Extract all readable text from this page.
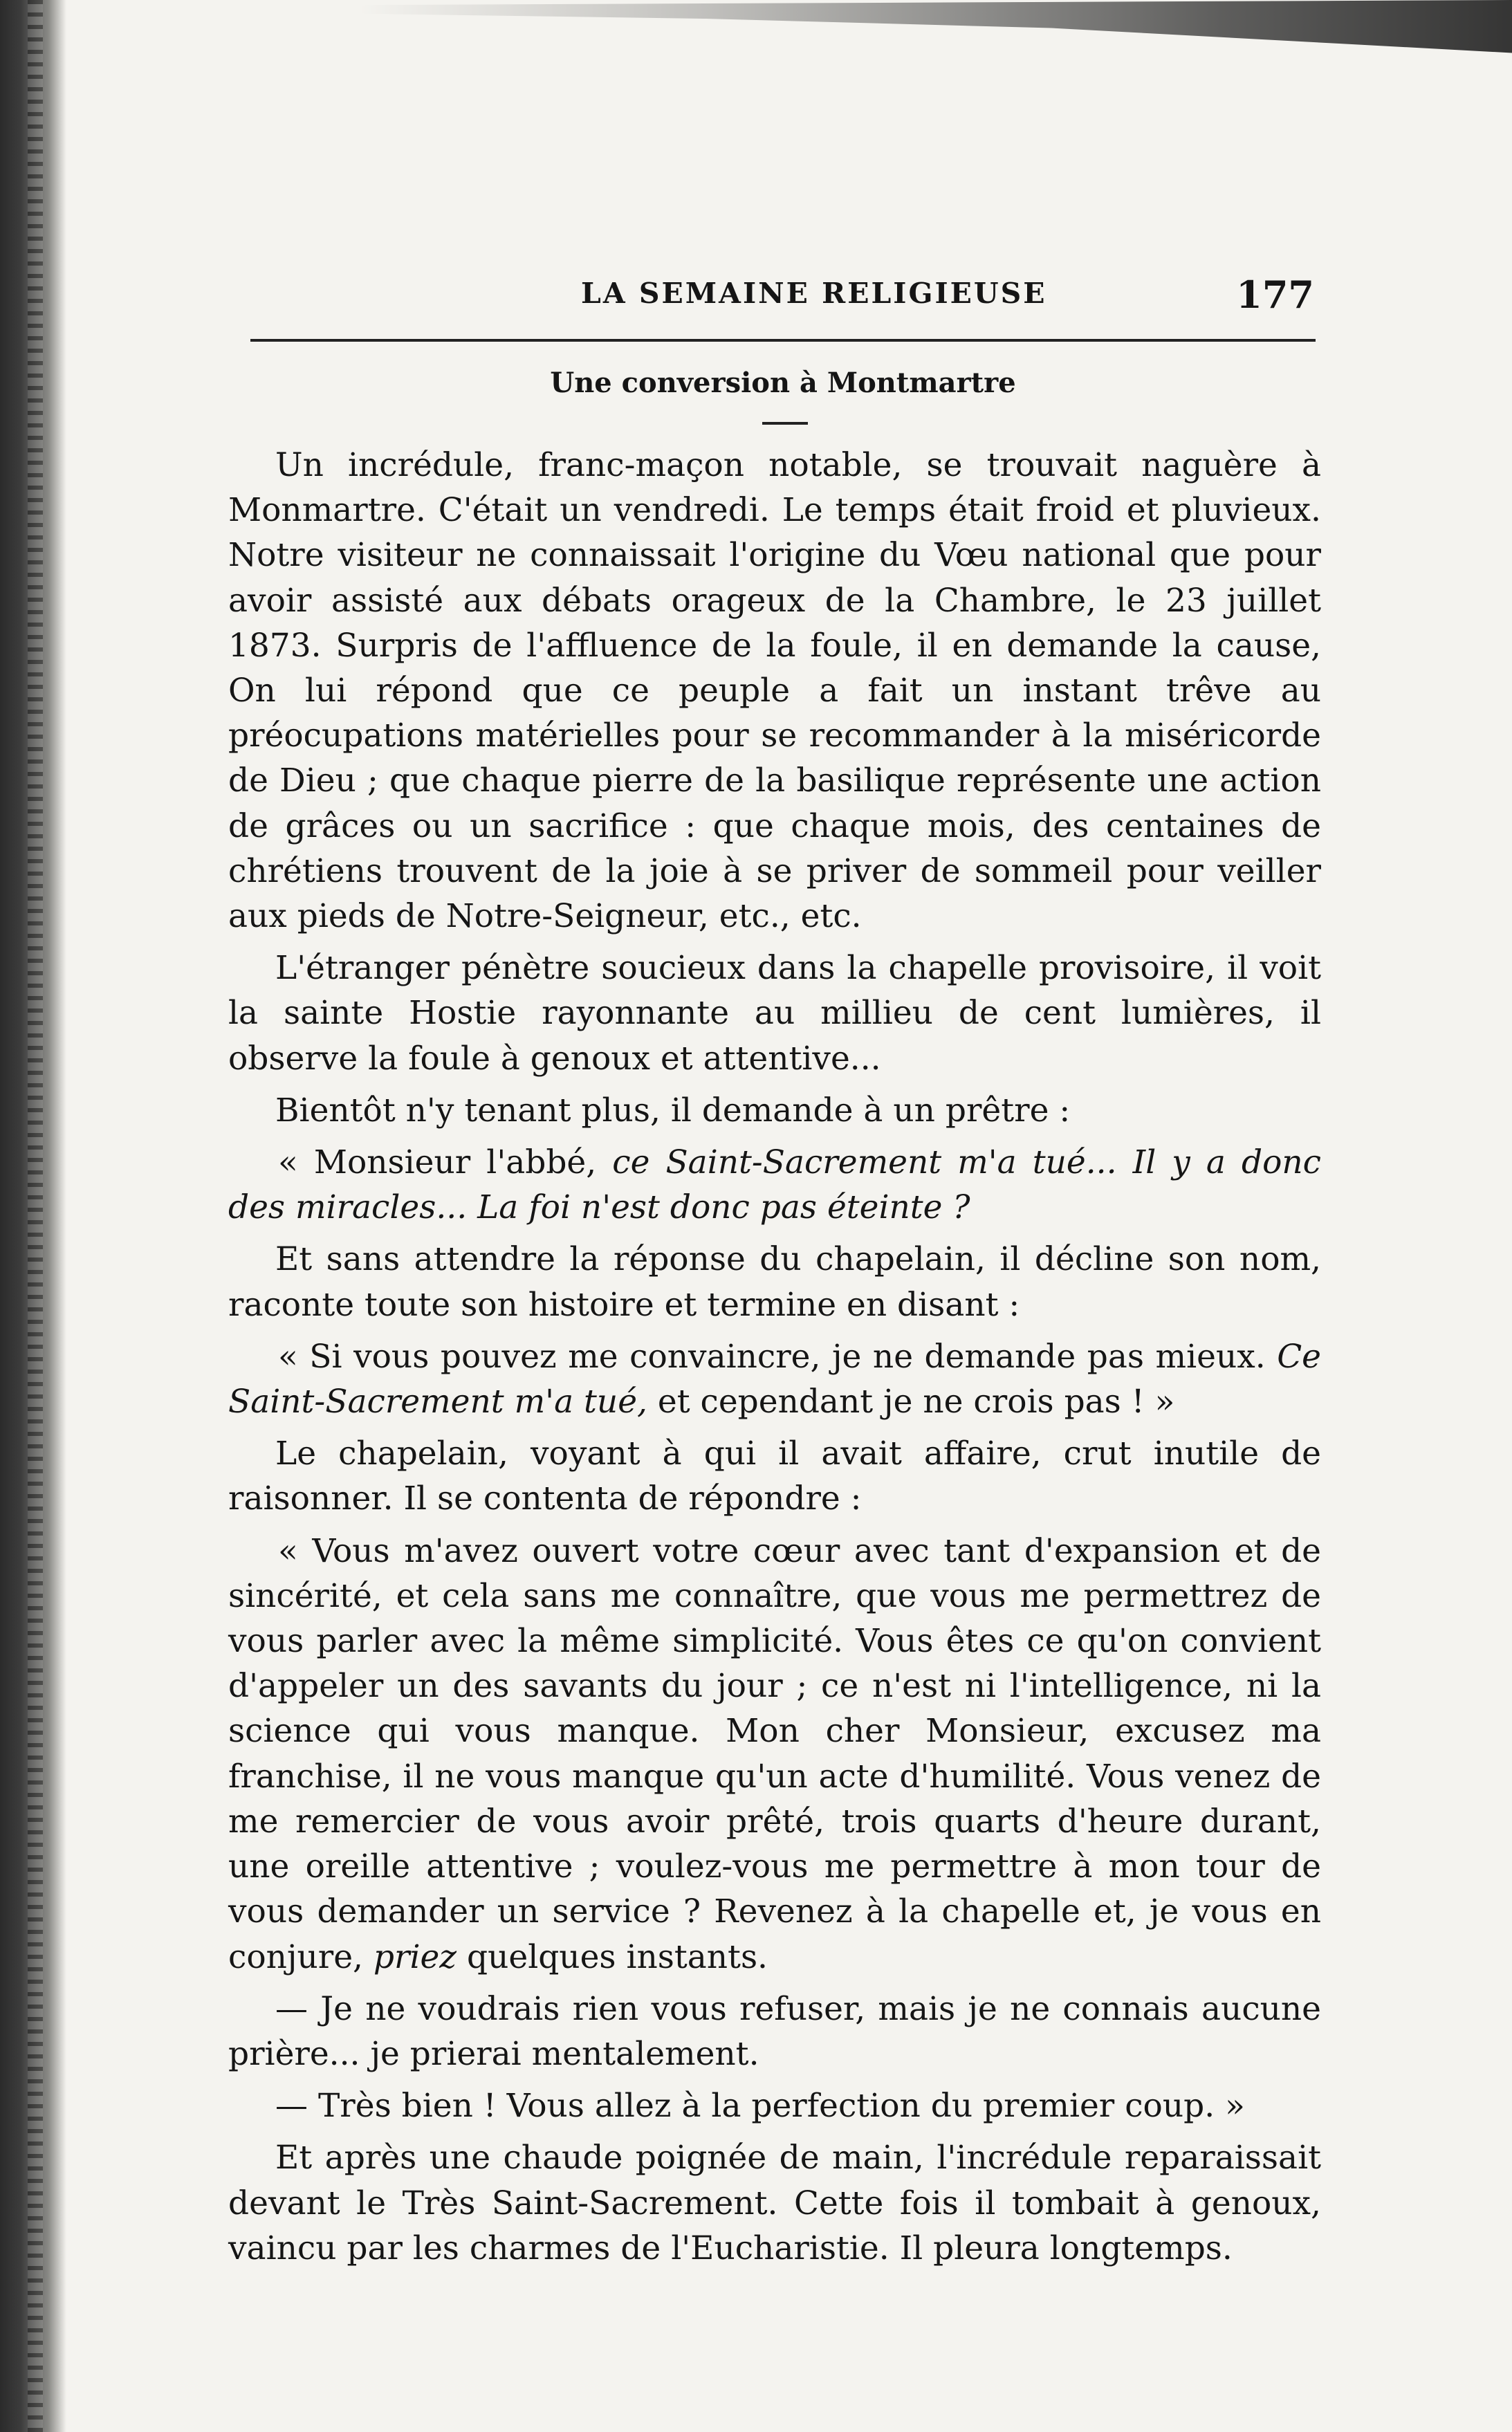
LA SEMAINE RELIGIEUSE	177
Une conversion à Montmartre

Un incrédule, franc-maçon notable, se trouvait naguère à Monmartre. C'était un vendredi. Le temps était froid et pluvieux. Notre visiteur ne connaissait l'origine du Vœu national que pour avoir assisté aux débats orageux de la Chambre, le 23 juillet 1873. Surpris de l'affluence de la foule, il en demande la cause, On lui répond que ce peuple a fait un instant trêve au préocupations matérielles pour se recommander à la miséricorde de Dieu ; que chaque pierre de la basilique représente une action de grâces ou un sacrifice : que chaque mois, des centaines de chrétiens trouvent de la joie à se priver de sommeil pour veiller aux pieds de Notre-Seigneur, etc., etc.

L'étranger pénètre soucieux dans la chapelle provisoire, il voit la sainte Hostie rayonnante au millieu de cent lumières, il observe la foule à genoux et attentive...

Bientôt n'y tenant plus, il demande à un prêtre :

« Monsieur l'abbé, ce Saint-Sacrement m'a tué... Il y a donc des miracles... La foi n'est donc pas éteinte ?

Et sans attendre la réponse du chapelain, il décline son nom, raconte toute son histoire et termine en disant :

« Si vous pouvez me convaincre, je ne demande pas mieux. Ce Saint-Sacrement m'a tué, et cependant je ne crois pas ! »

Le chapelain, voyant à qui il avait affaire, crut inutile de raisonner. Il se contenta de répondre :

« Vous m'avez ouvert votre cœur avec tant d'expansion et de sincérité, et cela sans me connaître, que vous me permettrez de vous parler avec la même simplicité. Vous êtes ce qu'on convient d'appeler un des savants du jour ; ce n'est ni l'intelligence, ni la science qui vous manque. Mon cher Monsieur, excusez ma franchise, il ne vous manque qu'un acte d'humilité. Vous venez de me remercier de vous avoir prêté, trois quarts d'heure durant, une oreille attentive ; voulez-vous me permettre à mon tour de vous demander un service ? Revenez à la chapelle et, je vous en conjure, priez quelques instants.

— Je ne voudrais rien vous refuser, mais je ne connais aucune prière... je prierai mentalement.

— Très bien ! Vous allez à la perfection du premier coup. »

Et après une chaude poignée de main, l'incrédule reparaissait devant le Très Saint-Sacrement. Cette fois il tombait à genoux, vaincu par les charmes de l'Eucharistie. Il pleura longtemps.
